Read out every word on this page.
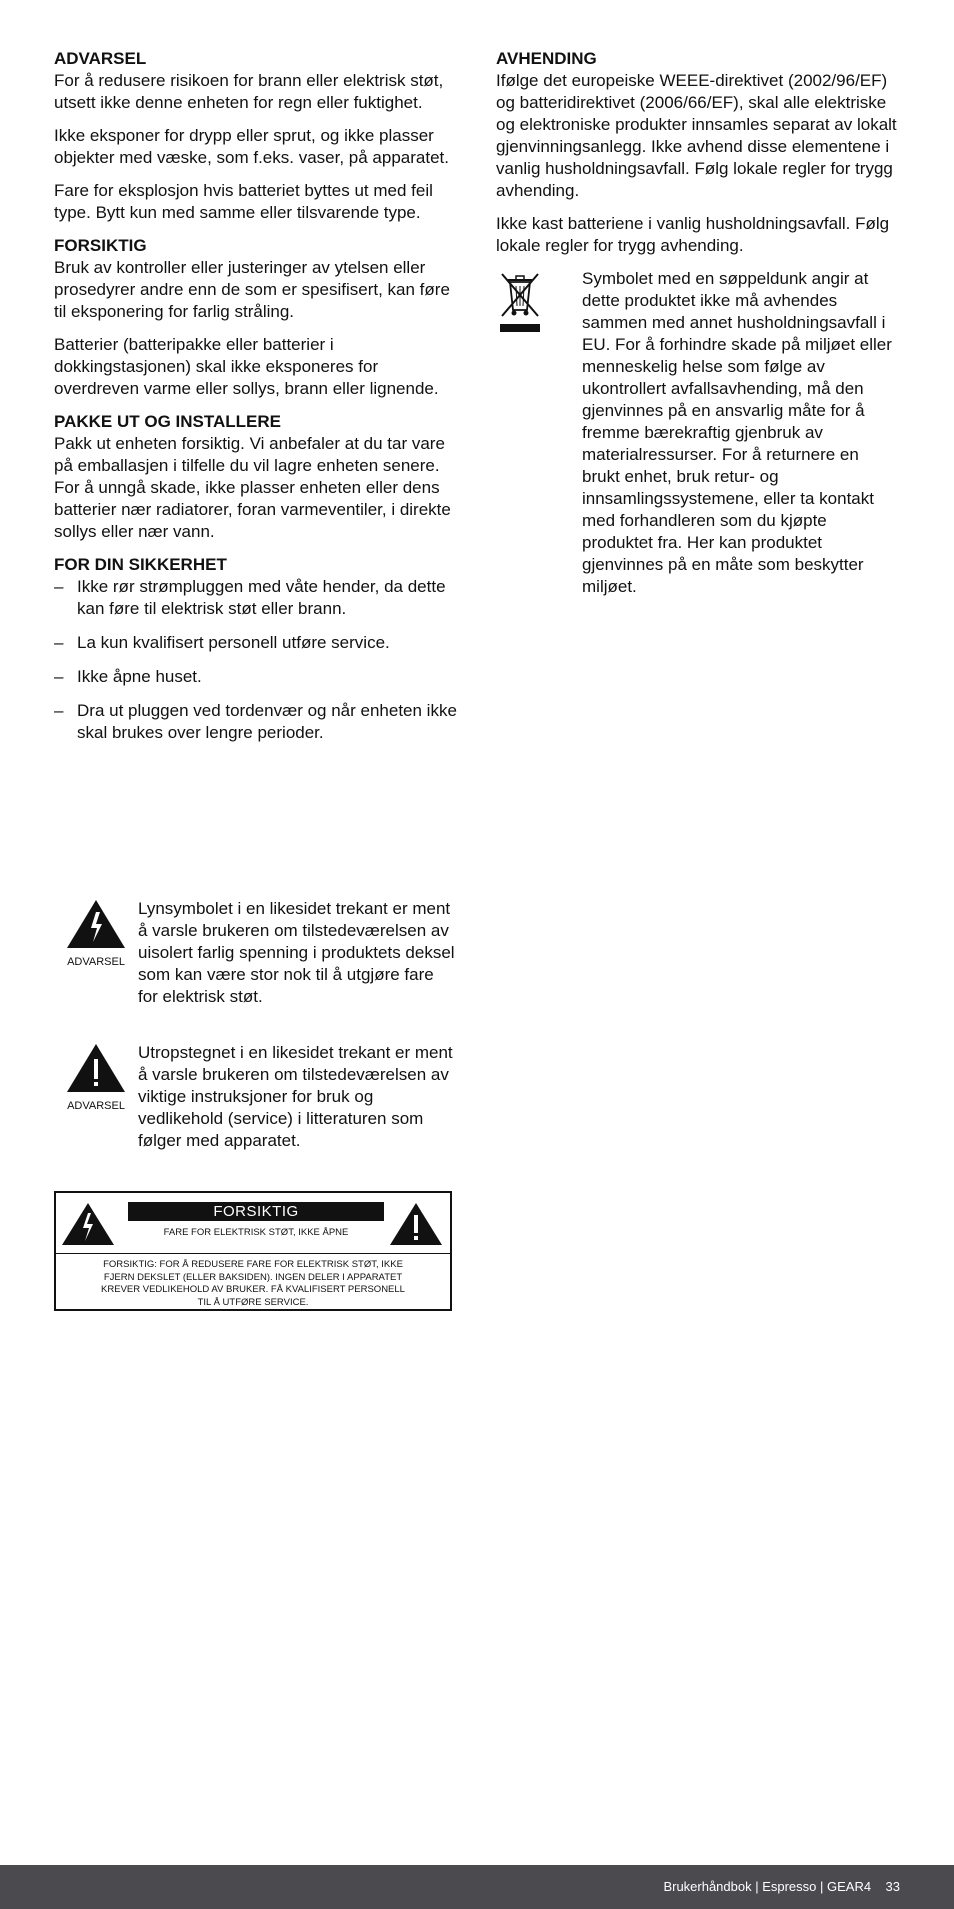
ADVARSEL

For å redusere risikoen for brann eller elektrisk støt, utsett ikke denne enheten for regn eller fuktighet.

Ikke eksponer for drypp eller sprut, og ikke plasser objekter med væske, som f.eks. vaser, på apparatet.

Fare for eksplosjon hvis batteriet byttes ut med feil type. Bytt kun med samme eller tilsvarende type.

FORSIKTIG

Bruk av kontroller eller justeringer av ytelsen eller prosedyrer andre enn de som er spesifisert, kan føre til eksponering for farlig stråling.

Batterier (batteripakke eller batterier i dokkingstasjonen) skal ikke eksponeres for overdreven varme eller sollys, brann eller lignende.

PAKKE UT OG INSTALLERE

Pakk ut enheten forsiktig. Vi anbefaler at du tar vare på emballasjen i tilfelle du vil lagre enheten senere. For å unngå skade, ikke plasser enheten eller dens batterier nær radiatorer, foran varmeventiler, i direkte sollys eller nær vann.

FOR DIN SIKKERHET
– Ikke rør strømpluggen med våte hender, da dette kan føre til elektrisk støt eller brann.
– La kun kvalifisert personell utføre service.
– Ikke åpne huset.
– Dra ut pluggen ved tordenvær og når enheten ikke skal brukes over lengre perioder.
AVHENDING

Ifølge det europeiske WEEE-direktivet (2002/96/EF) og batteridirektivet (2006/66/EF), skal alle elektriske og elektroniske produkter innsamles separat av lokalt gjenvinningsanlegg. Ikke avhend disse elementene i vanlig husholdningsavfall. Følg lokale regler for trygg avhending.

Ikke kast batteriene i vanlig husholdningsavfall. Følg lokale regler for trygg avhending.

Symbolet med en søppeldunk angir at dette produktet ikke må avhendes sammen med annet husholdningsavfall i EU. For å forhindre skade på miljøet eller menneskelig helse som følge av ukontrollert avfallsavhending, må den gjenvinnes på en ansvarlig måte for å fremme bærekraftig gjenbruk av materialressurser. For å returnere en brukt enhet, bruk retur- og innsamlingssystemene, eller ta kontakt med forhandleren som du kjøpte produktet fra. Her kan produktet gjenvinnes på en måte som beskytter miljøet.
ADVARSEL
Lynsymbolet i en likesidet trekant er ment å varsle brukeren om tilstedeværelsen av uisolert farlig spenning i produktets deksel som kan være stor nok til å utgjøre fare for elektrisk støt.
ADVARSEL
Utropstegnet i en likesidet trekant er ment å varsle brukeren om tilstedeværelsen av viktige instruksjoner for bruk og vedlikehold (service) i litteraturen som følger med apparatet.
FORSIKTIG
FARE FOR ELEKTRISK STØT, IKKE ÅPNE
FORSIKTIG: FOR Å REDUSERE FARE FOR ELEKTRISK STØT, IKKE FJERN DEKSLET (ELLER BAKSIDEN). INGEN DELER I APPARATET KREVER VEDLIKEHOLD AV BRUKER. FÅ KVALIFISERT PERSONELL TIL Å UTFØRE SERVICE.
Brukerhåndbok | Espresso | GEAR4 33
